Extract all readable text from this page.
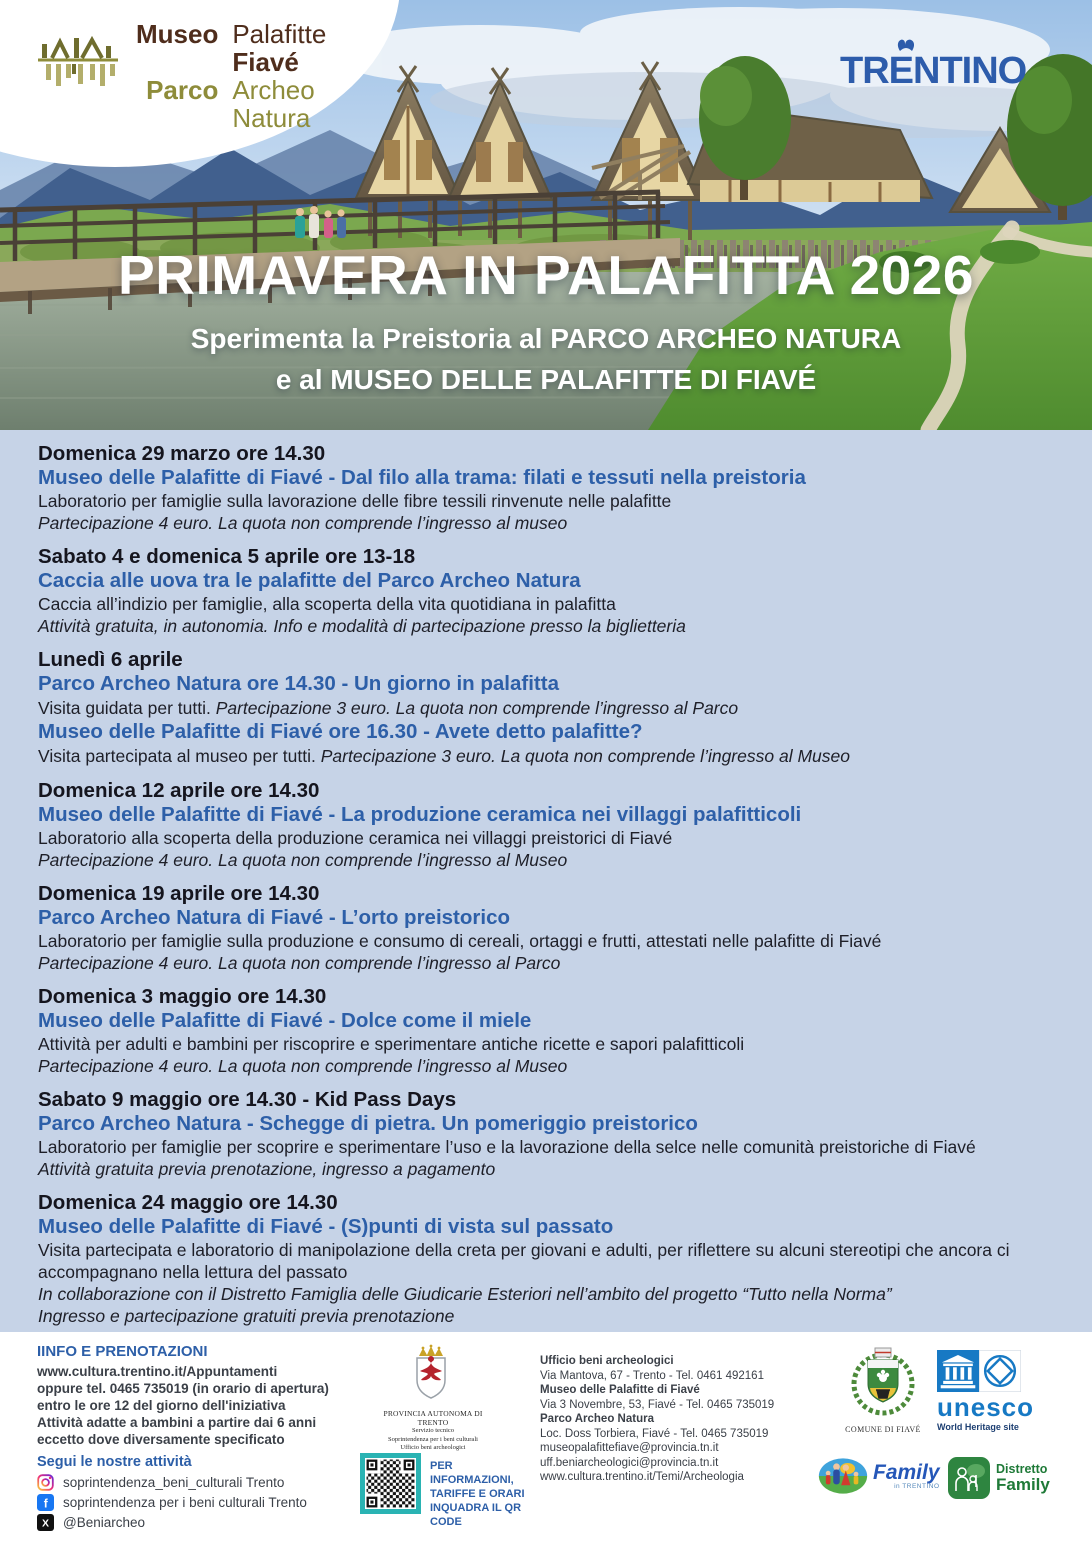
Museo Palafitte
Fiavé
Parco Archeo
Natura
TRENTINO
PRIMAVERA IN PALAFITTA 2026
Sperimenta la Preistoria al PARCO ARCHEO NATURA
e al MUSEO DELLE PALAFITTE DI FIAVÉ
Domenica 29 marzo ore 14.30
Museo delle Palafitte di Fiavé - Dal filo alla trama: filati e tessuti nella preistoria
Laboratorio per famiglie sulla lavorazione delle fibre tessili rinvenute nelle palafitte
Partecipazione 4 euro. La quota non comprende l’ingresso al museo
Sabato 4 e domenica 5 aprile ore 13-18
Caccia alle uova tra le palafitte del Parco Archeo Natura
Caccia all’indizio per famiglie, alla scoperta della vita quotidiana in palafitta
Attività gratuita, in autonomia. Info e modalità di partecipazione presso la biglietteria
Lunedì 6 aprile
Parco Archeo Natura ore 14.30 - Un giorno in palafitta
Visita guidata per tutti. Partecipazione 3 euro. La quota non comprende l’ingresso al Parco
Museo delle Palafitte di Fiavé ore 16.30 - Avete detto palafitte?
Visita partecipata al museo per tutti. Partecipazione 3 euro. La quota non comprende l’ingresso al Museo
Domenica 12 aprile ore 14.30
Museo delle Palafitte di Fiavé - La produzione ceramica nei villaggi palafitticoli
Laboratorio alla scoperta della produzione ceramica nei villaggi preistorici di Fiavé
Partecipazione 4 euro. La quota non comprende l’ingresso al Museo
Domenica 19 aprile ore 14.30
Parco Archeo Natura di Fiavé - L’orto preistorico
Laboratorio per famiglie sulla produzione e consumo di cereali, ortaggi e frutti, attestati nelle palafitte di Fiavé
Partecipazione 4 euro. La quota non comprende l’ingresso al Parco
Domenica 3 maggio ore 14.30
Museo delle Palafitte di Fiavé - Dolce come il miele
Attività per adulti e bambini per riscoprire e sperimentare antiche ricette e sapori palafitticoli
Partecipazione 4 euro. La quota non comprende l’ingresso al Museo
Sabato 9 maggio ore 14.30 - Kid Pass Days
Parco Archeo Natura - Schegge di pietra. Un pomeriggio preistorico
Laboratorio per famiglie per scoprire e sperimentare l’uso e la lavorazione della selce nelle comunità preistoriche di Fiavé
Attività gratuita previa prenotazione, ingresso a pagamento
Domenica 24 maggio ore 14.30
Museo delle Palafitte di Fiavé - (S)punti di vista sul passato
Visita partecipata e laboratorio di manipolazione della creta per giovani e adulti, per riflettere su alcuni stereotipi che ancora ci accompagnano nella lettura del passato
In collaborazione con il Distretto Famiglia delle Giudicarie Esteriori nell’ambito del progetto “Tutto nella Norma”
Ingresso e partecipazione gratuiti previa prenotazione
IINFO E PRENOTAZIONI
www.cultura.trentino.it/Appuntamenti
oppure tel. 0465 735019 (in orario di apertura)
entro le ore 12 del giorno dell'iniziativa
Attività adatte a bambini a partire dai 6 anni
eccetto dove diversamente specificato
Segui le nostre attività
soprintendenza_beni_culturali Trento
f soprintendenza per i beni culturali Trento
X @Beniarcheo
PROVINCIA AUTONOMA DI TRENTO
Servizio tecnico
Soprintendenza per i beni culturali
Ufficio beni archeologici
PER INFORMAZIONI, TARIFFE E ORARI INQUADRA IL QR CODE
Ufficio beni archeologici
Via Mantova, 67 - Trento - Tel. 0461 492161
Museo delle Palafitte di Fiavé
Via 3 Novembre, 53, Fiavé - Tel. 0465 735019
Parco Archeo Natura
Loc. Doss Torbiera, Fiavé - Tel. 0465 735019
museopalafittefiave@provincia.tn.it
uff.beniarcheologici@provincia.tn.it
www.cultura.trentino.it/Temi/Archeologia
COMUNE DI FIAVÉ
unesco
World Heritage site
Family
in TRENTINO
Distretto
Family
